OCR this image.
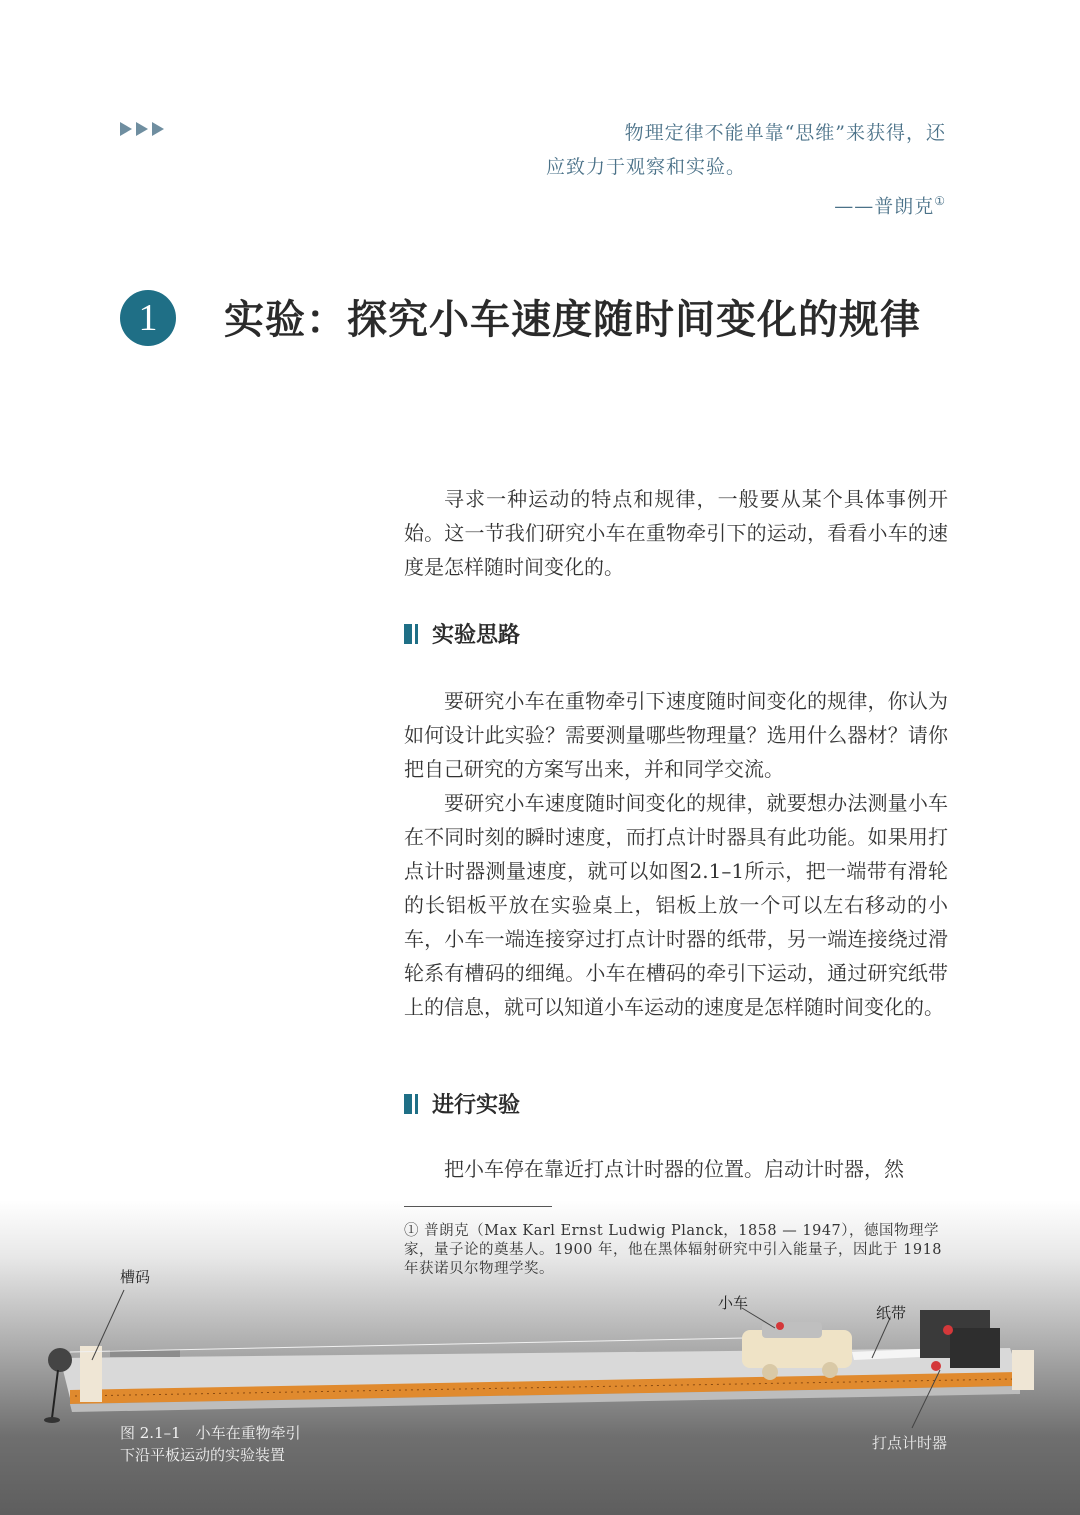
物理定律不能单靠“思维”来获得，还
应致力于观察和实验。
——普朗克①
1	实验：探究小车速度随时间变化的规律

寻求一种运动的特点和规律，一般要从某个具体事例开始。这一节我们研究小车在重物牵引下的运动，看看小车的速度是怎样随时间变化的。

实验思路

要研究小车在重物牵引下速度随时间变化的规律，你认为如何设计此实验？需要测量哪些物理量？选用什么器材？请你把自己研究的方案写出来，并和同学交流。

要研究小车速度随时间变化的规律，就要想办法测量小车在不同时刻的瞬时速度，而打点计时器具有此功能。如果用打点计时器测量速度，就可以如图2.1–1所示，把一端带有滑轮的长铝板平放在实验桌上，铝板上放一个可以左右移动的小车，小车一端连接穿过打点计时器的纸带，另一端连接绕过滑轮系有槽码的细绳。小车在槽码的牵引下运动，通过研究纸带上的信息，就可以知道小车运动的速度是怎样随时间变化的。

进行实验

把小车停在靠近打点计时器的位置。启动计时器，然

① 普朗克（Max Karl Ernst Ludwig Planck，1858 — 1947），德国物理学家，量子论的奠基人。1900 年，他在黑体辐射研究中引入能量子，因此于 1918 年获诺贝尔物理学奖。
槽码
小车
纸带
打点计时器
图 2.1–1　小车在重物牵引
下沿平板运动的实验装置
